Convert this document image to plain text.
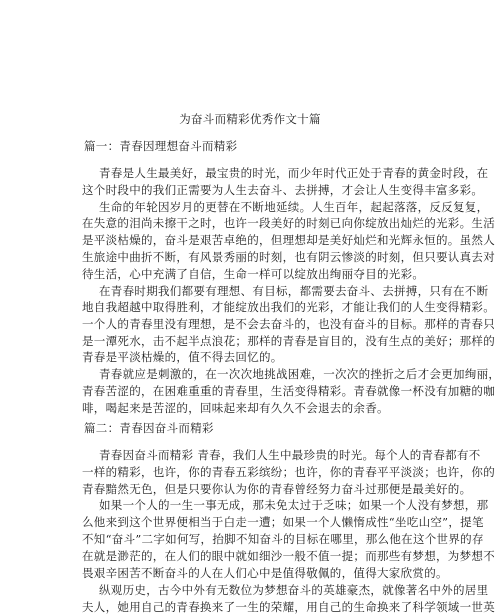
为奋斗而精彩优秀作文十篇
篇一：青春因理想奋斗而精彩
青春是人生最美好，最宝贵的时光，而少年时代正处于青春的黄金时段，在
这个时段中的我们正需要为人生去奋斗、去拼搏，才会让人生变得丰富多彩。
生命的年轮因岁月的更替在不断地延续。人生百年，起起落落，反反复复，
在失意的泪尚未擦干之时，也许一段美好的时刻已向你绽放出灿烂的光彩。生活
是平淡枯燥的，奋斗是艰苦卓绝的，但理想却是美好灿烂和光辉永恒的。虽然人
生旅途中曲折不断，有风景秀丽的时刻，也有阴云惨淡的时刻，但只要认真去对
待生活，心中充满了自信，生命一样可以绽放出绚丽夺目的光彩。
在青春时期我们都要有理想、有目标，都需要去奋斗、去拼搏，只有在不断
地自我超越中取得胜利，才能绽放出我们的光彩，才能让我们的人生变得精彩。
一个人的青春里没有理想，是不会去奋斗的，也没有奋斗的目标。那样的青春只
是一潭死水，击不起半点浪花；那样的青春是盲目的，没有生点的美好；那样的
青春是平淡枯燥的，值不得去回忆的。
青春就应是刺激的，在一次次地挑战困难，一次次的挫折之后才会更加绚丽，
青春苦涩的，在困难重重的青春里，生活变得精彩。青春就像一杯没有加糖的咖
啡，喝起来是苦涩的，回味起来却有久久不会退去的余香。
篇二：青春因奋斗而精彩
青春因奋斗而精彩 青春，我们人生中最珍贵的时光。每个人的青春都有不
一样的精彩，也许，你的青春五彩缤纷；也许，你的青春平平淡淡；也许，你的
青春黯然无色，但是只要你认为你的青春曾经努力奋斗过那便是最美好的。
如果一个人的一生一事无成，那未免太过于乏味；如果一个人没有梦想，那
么他来到这个世界便相当于白走一遭；如果一个人懒惰成性“坐吃山空”，提笔
不知“奋斗”二字如何写，抬脚不知奋斗的目标在哪里，那么他在这个世界的存
在就是渺茫的，在人们的眼中就如细沙一般不值一提；而那些有梦想，为梦想不
畏艰辛困苦不断奋斗的人在人们心中是值得敬佩的，值得大家欣赏的。
纵观历史，古今中外有无数位为梦想奋斗的英雄豪杰，就像著名中外的居里
夫人，她用自己的青春换来了一生的荣耀，用自己的生命换来了科学领域一世英
